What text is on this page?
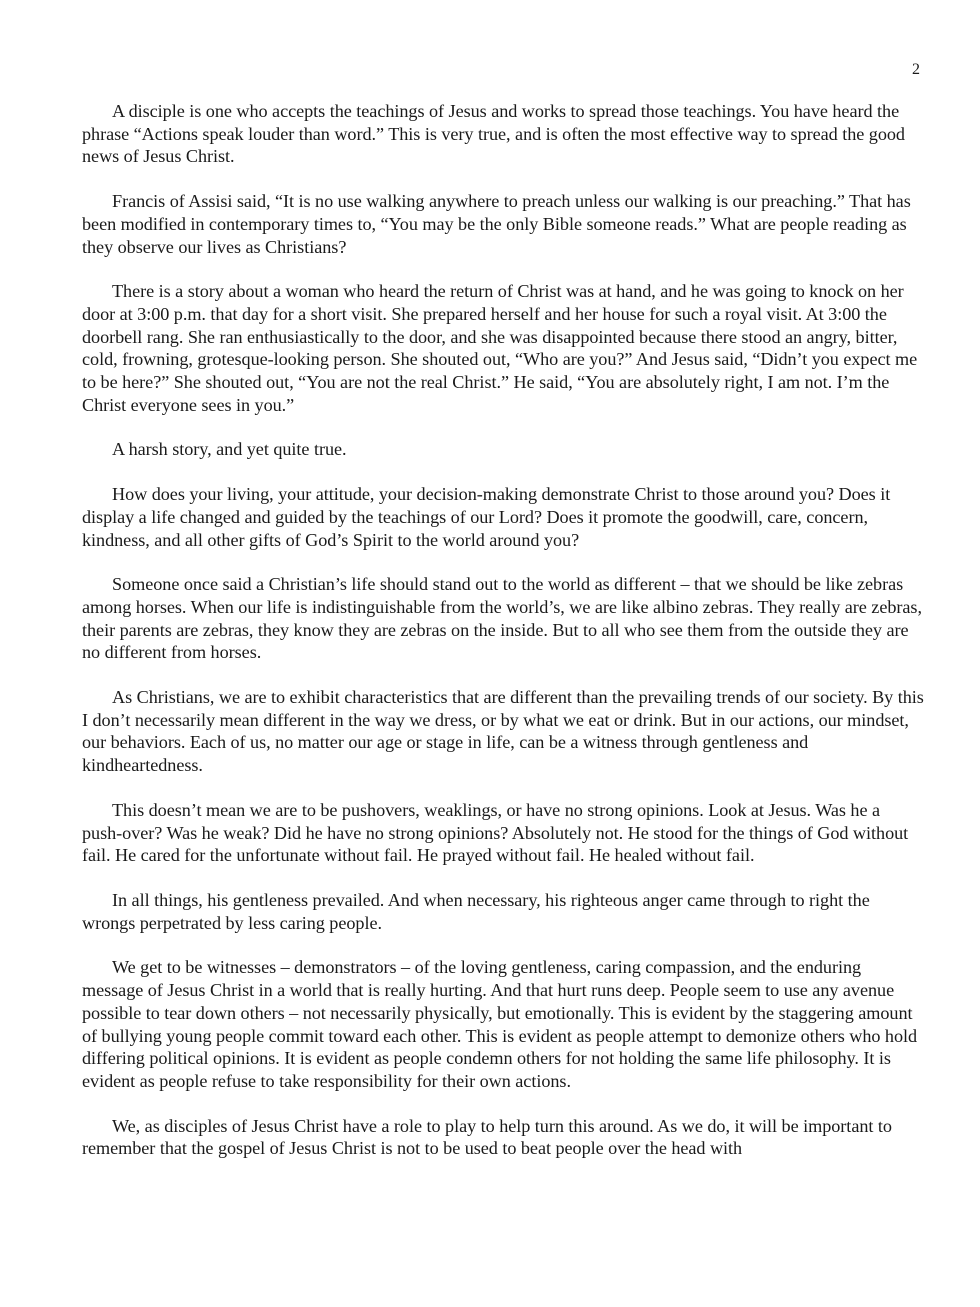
2

A disciple is one who accepts the teachings of Jesus and works to spread those teachings. You have heard the phrase “Actions speak louder than word.” This is very true, and is often the most effective way to spread the good news of Jesus Christ.

Francis of Assisi said, “It is no use walking anywhere to preach unless our walking is our preaching.” That has been modified in contemporary times to, “You may be the only Bible someone reads.” What are people reading as they observe our lives as Christians?

There is a story about a woman who heard the return of Christ was at hand, and he was going to knock on her door at 3:00 p.m. that day for a short visit. She prepared herself and her house for such a royal visit. At 3:00 the doorbell rang. She ran enthusiastically to the door, and she was disappointed because there stood an angry, bitter, cold, frowning, grotesque-looking person. She shouted out, “Who are you?” And Jesus said, “Didn’t you expect me to be here?” She shouted out, “You are not the real Christ.” He said, “You are absolutely right, I am not. I’m the Christ everyone sees in you.”

A harsh story, and yet quite true.

How does your living, your attitude, your decision-making demonstrate Christ to those around you? Does it display a life changed and guided by the teachings of our Lord? Does it promote the goodwill, care, concern, kindness, and all other gifts of God’s Spirit to the world around you?

Someone once said a Christian’s life should stand out to the world as different – that we should be like zebras among horses. When our life is indistinguishable from the world’s, we are like albino zebras. They really are zebras, their parents are zebras, they know they are zebras on the inside. But to all who see them from the outside they are no different from horses.

As Christians, we are to exhibit characteristics that are different than the prevailing trends of our society. By this I don’t necessarily mean different in the way we dress, or by what we eat or drink. But in our actions, our mindset, our behaviors. Each of us, no matter our age or stage in life, can be a witness through gentleness and kindheartedness.

This doesn’t mean we are to be pushovers, weaklings, or have no strong opinions. Look at Jesus. Was he a push-over? Was he weak? Did he have no strong opinions? Absolutely not. He stood for the things of God without fail. He cared for the unfortunate without fail. He prayed without fail. He healed without fail.

In all things, his gentleness prevailed. And when necessary, his righteous anger came through to right the wrongs perpetrated by less caring people.

We get to be witnesses – demonstrators – of the loving gentleness, caring compassion, and the enduring message of Jesus Christ in a world that is really hurting. And that hurt runs deep. People seem to use any avenue possible to tear down others – not necessarily physically, but emotionally. This is evident by the staggering amount of bullying young people commit toward each other. This is evident as people attempt to demonize others who hold differing political opinions. It is evident as people condemn others for not holding the same life philosophy. It is evident as people refuse to take responsibility for their own actions.

We, as disciples of Jesus Christ have a role to play to help turn this around. As we do, it will be important to remember that the gospel of Jesus Christ is not to be used to beat people over the head with
